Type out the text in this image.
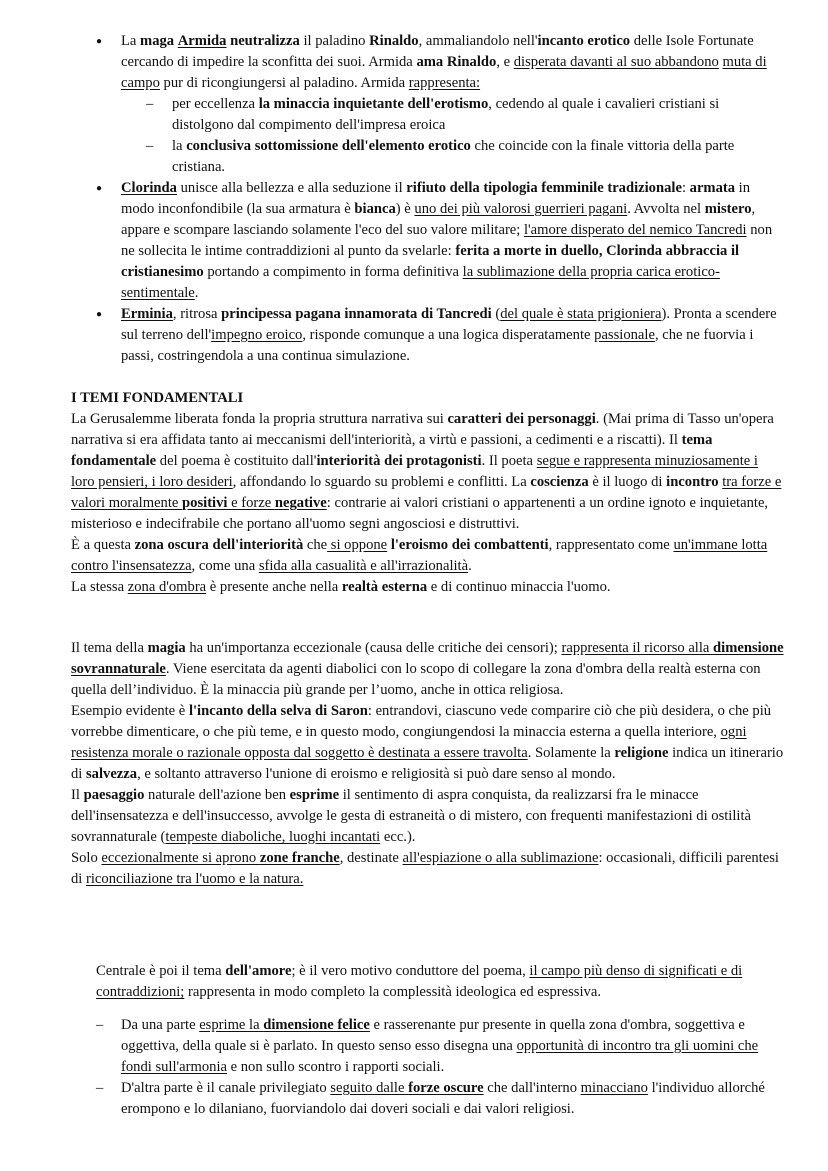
● La maga Armida neutralizza il paladino Rinaldo, ammaliandolo nell'incanto erotico delle Isole Fortunate cercando di impedire la sconfitta dei suoi. Armida ama Rinaldo, e disperata davanti al suo abbandono muta di campo pur di ricongiungersi al paladino. Armida rappresenta:
– per eccellenza la minaccia inquietante dell'erotismo, cedendo al quale i cavalieri cristiani si distolgono dal compimento dell'impresa eroica
– la conclusiva sottomissione dell'elemento erotico che coincide con la finale vittoria della parte cristiana.
● Clorinda unisce alla bellezza e alla seduzione il rifiuto della tipologia femminile tradizionale: armata in modo inconfondibile (la sua armatura è bianca) è uno dei più valorosi guerrieri pagani. Avvolta nel mistero, appare e scompare lasciando solamente l'eco del suo valore militare; l'amore disperato del nemico Tancredi non ne sollecita le intime contraddizioni al punto da svelarle: ferita a morte in duello, Clorinda abbraccia il cristianesimo portando a compimento in forma definitiva la sublimazione della propria carica erotico-sentimentale.
● Erminia, ritrosa principessa pagana innamorata di Tancredi (del quale è stata prigioniera). Pronta a scendere sul terreno dell'impegno eroico, risponde comunque a una logica disperatamente passionale, che ne fuorvia i passi, costringendola a una continua simulazione.

I TEMI FONDAMENTALI

La Gerusalemme liberata fonda la propria struttura narrativa sui caratteri dei personaggi. (Mai prima di Tasso un'opera narrativa si era affidata tanto ai meccanismi dell'interiorità, a virtù e passioni, a cedimenti e a riscatti). Il tema fondamentale del poema è costituito dall'interiorità dei protagonisti. Il poeta segue e rappresenta minuziosamente i loro pensieri, i loro desideri, affondando lo sguardo su problemi e conflitti. La coscienza è il luogo di incontro tra forze e valori moralmente positivi e forze negative: contrarie ai valori cristiani o appartenenti a un ordine ignoto e inquietante, misterioso e indecifrabile che portano all'uomo segni angosciosi e distruttivi.

È a questa zona oscura dell'interiorità che si oppone l'eroismo dei combattenti, rappresentato come un'immane lotta contro l'insensatezza, come una sfida alla casualità e all'irrazionalità.

La stessa zona d'ombra è presente anche nella realtà esterna e di continuo minaccia l'uomo.

Il tema della magia ha un'importanza eccezionale (causa delle critiche dei censori); rappresenta il ricorso alla dimensione sovrannaturale. Viene esercitata da agenti diabolici con lo scopo di collegare la zona d'ombra della realtà esterna con quella dell’individuo. È la minaccia più grande per l’uomo, anche in ottica religiosa.

Esempio evidente è l'incanto della selva di Saron: entrandovi, ciascuno vede comparire ciò che più desidera, o che più vorrebbe dimenticare, o che più teme, e in questo modo, congiungendosi la minaccia esterna a quella interiore, ogni resistenza morale o razionale opposta dal soggetto è destinata a essere travolta. Solamente la religione indica un itinerario di salvezza, e soltanto attraverso l'unione di eroismo e religiosità si può dare senso al mondo.

Il paesaggio naturale dell'azione ben esprime il sentimento di aspra conquista, da realizzarsi fra le minacce dell'insensatezza e dell'insuccesso, avvolge le gesta di estraneità o di mistero, con frequenti manifestazioni di ostilità sovrannaturale (tempeste diaboliche, luoghi incantati ecc.).

Solo eccezionalmente si aprono zone franche, destinate all'espiazione o alla sublimazione: occasionali, difficili parentesi di riconciliazione tra l'uomo e la natura.

Centrale è poi il tema dell'amore; è il vero motivo conduttore del poema, il campo più denso di significati e di contraddizioni; rappresenta in modo completo la complessità ideologica ed espressiva.

– Da una parte esprime la dimensione felice e rasserenante pur presente in quella zona d'ombra, soggettiva e oggettiva, della quale si è parlato. In questo senso esso disegna una opportunità di incontro tra gli uomini che fondi sull'armonia e non sullo scontro i rapporti sociali.
– D'altra parte è il canale privilegiato seguito dalle forze oscure che dall'interno minacciano l'individuo allorché erompono e lo dilaniano, fuorviandolo dai doveri sociali e dai valori religiosi.
